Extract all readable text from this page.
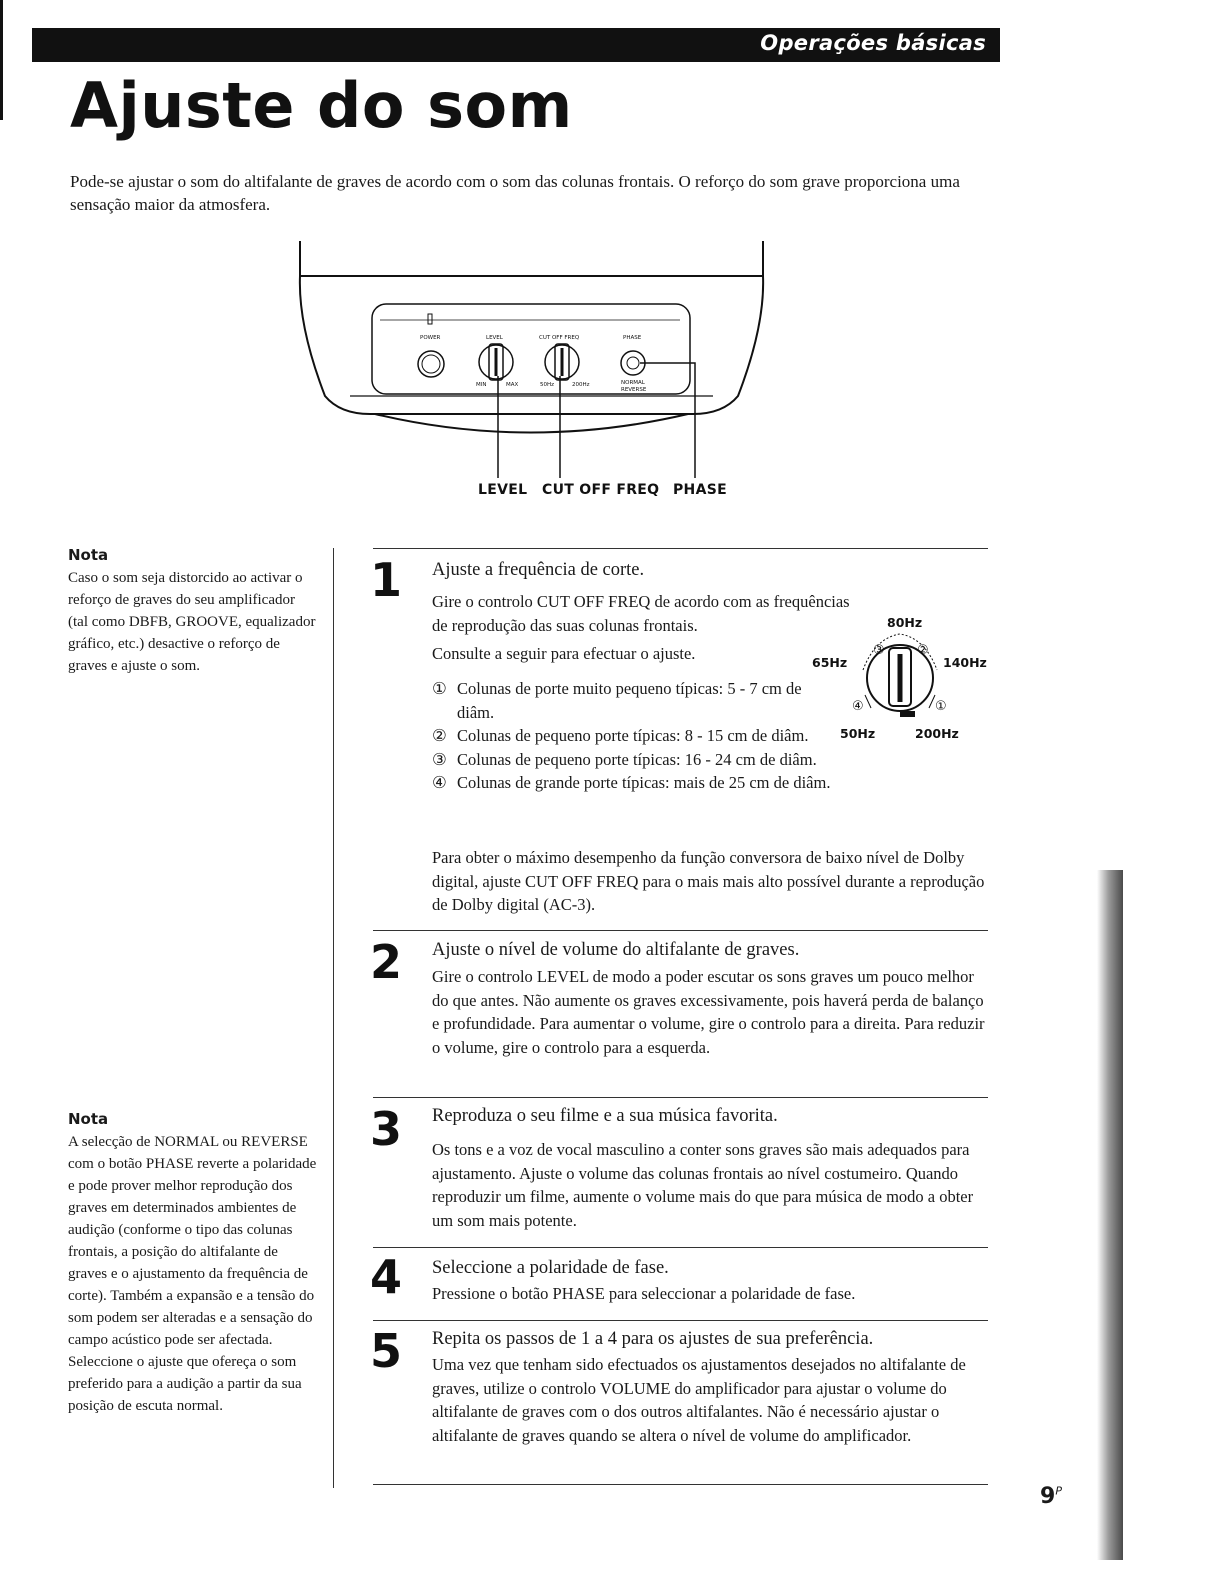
Operações básicas
Ajuste do som

Pode-se ajustar o som do altifalante de graves de acordo com o som das colunas frontais. O reforço do som grave proporciona uma sensação maior da atmosfera.

POWER	LEVEL	CUT OFF FREQ	PHASE
MIN	MAX	50Hz	200Hz	NORMAL
REVERSE
LEVEL CUT OFF FREQ PHASE
Nota

Caso o som seja distorcido ao activar o reforço de graves do seu amplificador (tal como DBFB, GROOVE, equalizador gráfico, etc.) desactive o reforço de graves e ajuste o som.

Nota

A selecção de NORMAL ou REVERSE com o botão PHASE reverte a polaridade e pode prover melhor reprodução dos graves em determinados ambientes de audição (conforme o tipo das colunas frontais, a posição do altifalante de graves e o ajustamento da frequência de corte). Também a expansão e a tensão do som podem ser alteradas e a sensação do campo acústico pode ser afectada. Seleccione o ajuste que ofereça o som preferido para a audição a partir da sua posição de escuta normal.

1 Ajuste a frequência de corte.

Gire o controlo CUT OFF FREQ de acordo com as frequências de reprodução das suas colunas frontais.

Consulte a seguir para efectuar o ajuste.

① Colunas de porte muito pequeno típicas: 5 - 7 cm de diâm.
② Colunas de pequeno porte típicas: 8 - 15 cm de diâm.
③ Colunas de pequeno porte típicas: 16 - 24 cm de diâm.
④ Colunas de grande porte típicas: mais de 25 cm de diâm.

Para obter o máximo desempenho da função conversora de baixo nível de Dolby digital, ajuste CUT OFF FREQ para o mais mais alto possível durante a reprodução de Dolby digital (AC-3).

③ ②
④	①
80Hz
65Hz	140Hz
50Hz	200Hz
2 Ajuste o nível de volume do altifalante de graves.

Gire o controlo LEVEL de modo a poder escutar os sons graves um pouco melhor do que antes. Não aumente os graves excessivamente, pois haverá perda de balanço e profundidade. Para aumentar o volume, gire o controlo para a direita. Para reduzir o volume, gire o controlo para a esquerda.

3 Reproduza o seu filme e a sua música favorita.

Os tons e a voz de vocal masculino a conter sons graves são mais adequados para ajustamento. Ajuste o volume das colunas frontais ao nível costumeiro. Quando reproduzir um filme, aumente o volume mais do que para música de modo a obter um som mais potente.

4 Seleccione a polaridade de fase.

Pressione o botão PHASE para seleccionar a polaridade de fase.

5 Repita os passos de 1 a 4 para os ajustes de sua preferência.

Uma vez que tenham sido efectuados os ajustamentos desejados no altifalante de graves, utilize o controlo VOLUME do amplificador para ajustar o volume do altifalante de graves com o dos outros altifalantes. Não é necessário ajustar o altifalante de graves quando se altera o nível de volume do amplificador.

$9^P$
